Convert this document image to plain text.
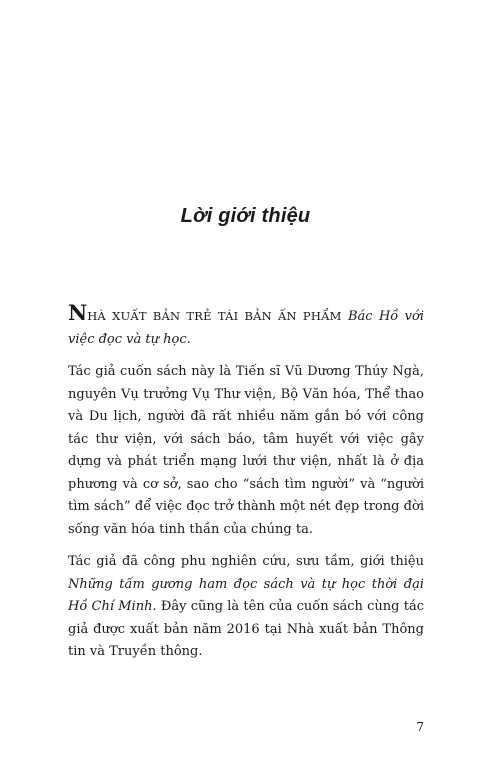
Lời giới thiệu

NHÀ XUẤT BẢN TRẺ TÁI BẢN ẤN PHẨM Bác Hồ với việc đọc và tự học.

Tác giả cuốn sách này là Tiến sĩ Vũ Dương Thúy Ngà, nguyên Vụ trưởng Vụ Thư viện, Bộ Văn hóa, Thể thao và Du lịch, người đã rất nhiều năm gắn bó với công tác thư viện, với sách báo, tâm huyết với việc gây dựng và phát triển mạng lưới thư viện, nhất là ở địa phương và cơ sở, sao cho “sách tìm người” và “người tìm sách” để việc đọc trở thành một nét đẹp trong đời sống văn hóa tinh thần của chúng ta.

Tác giả đã công phu nghiên cứu, sưu tầm, giới thiệu Những tấm gương ham đọc sách và tự học thời đại Hồ Chí Minh. Đây cũng là tên của cuốn sách cùng tác giả được xuất bản năm 2016 tại Nhà xuất bản Thông tin và Truyền thông.

7
